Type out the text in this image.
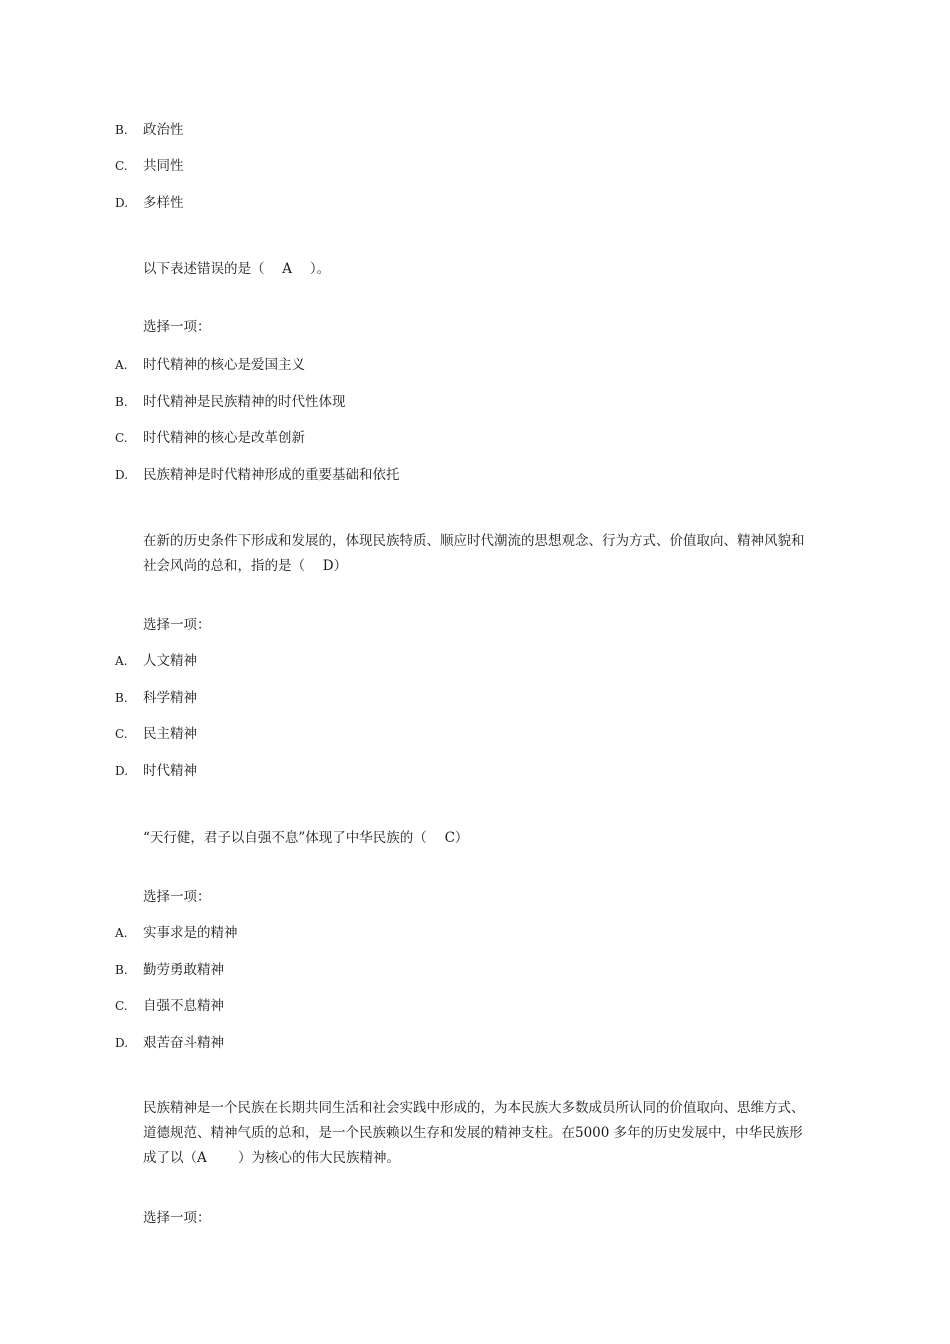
B. 政治性
C. 共同性
D. 多样性
以下表述错误的是（　 A　 ）。
选择一项：
A. 时代精神的核心是爱国主义
B. 时代精神是民族精神的时代性体现
C. 时代精神的核心是改革创新
D. 民族精神是时代精神形成的重要基础和依托
在新的历史条件下形成和发展的，体现民族特质、顺应时代潮流的思想观念、行为方式、价值取向、精神风貌和社会风尚的总和，指的是（　 D）
选择一项：
A. 人文精神
B. 科学精神
C. 民主精神
D. 时代精神
“天行健，君子以自强不息”体现了中华民族的（　 C）
选择一项：
A. 实事求是的精神
B. 勤劳勇敢精神
C. 自强不息精神
D. 艰苦奋斗精神
民族精神是一个民族在长期共同生活和社会实践中形成的，为本民族大多数成员所认同的价值取向、思维方式、道德规范、精神气质的总和，是一个民族赖以生存和发展的精神支柱。在5000 多年的历史发展中，中华民族形成了以（A　　 ）为核心的伟大民族精神。
选择一项：
